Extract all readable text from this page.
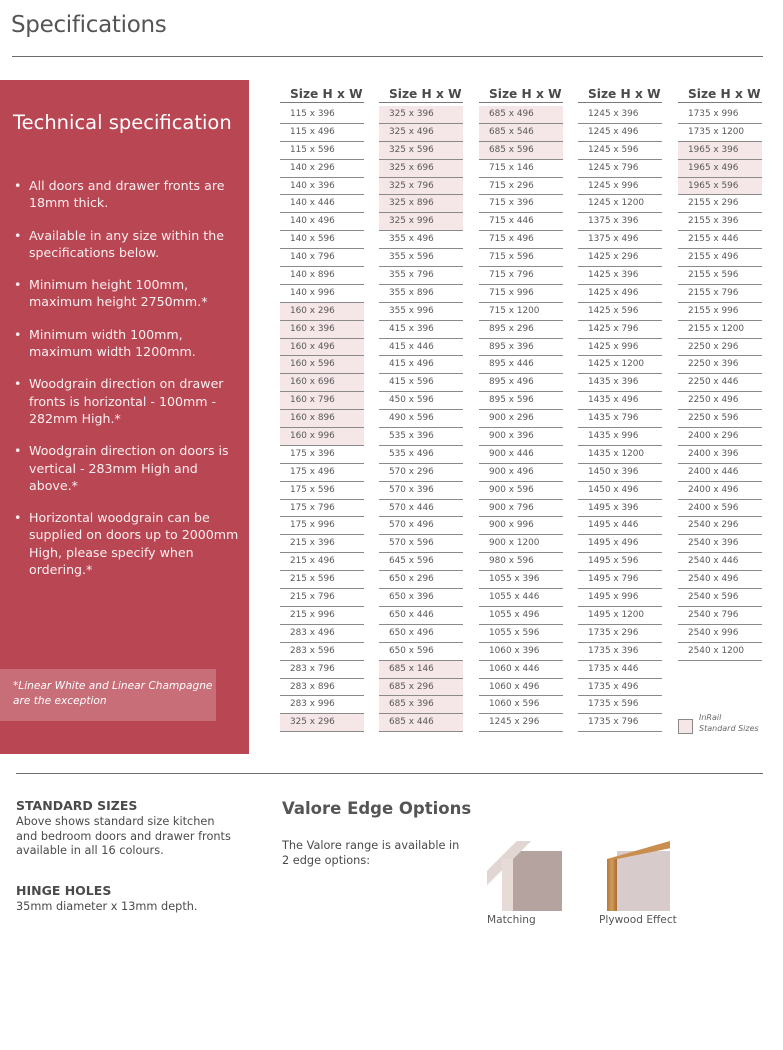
Specifications
Technical specification
• All doors and drawer fronts are 18mm thick.
• Available in any size within the specifications below.
• Minimum height 100mm, maximum height 2750mm.*
• Minimum width 100mm, maximum width 1200mm.
• Woodgrain direction on drawer fronts is horizontal - 100mm - 282mm High.*
• Woodgrain direction on doors is vertical - 283mm High and above.*
• Horizontal woodgrain can be supplied on doors up to 2000mm High, please specify when ordering.*

*Linear White and Linear Champagne are the exception

Size H x W
115 x 396
115 x 496
115 x 596
140 x 296
140 x 396
140 x 446
140 x 496
140 x 596
140 x 796
140 x 896
140 x 996
160 x 296
160 x 396
160 x 496
160 x 596
160 x 696
160 x 796
160 x 896
160 x 996
175 x 396
175 x 496
175 x 596
175 x 796
175 x 996
215 x 396
215 x 496
215 x 596
215 x 796
215 x 996
283 x 496
283 x 596
283 x 796
283 x 896
283 x 996
325 x 296
Size H x W
325 x 396
325 x 496
325 x 596
325 x 696
325 x 796
325 x 896
325 x 996
355 x 496
355 x 596
355 x 796
355 x 896
355 x 996
415 x 396
415 x 446
415 x 496
415 x 596
450 x 596
490 x 596
535 x 396
535 x 496
570 x 296
570 x 396
570 x 446
570 x 496
570 x 596
645 x 596
650 x 296
650 x 396
650 x 446
650 x 496
650 x 596
685 x 146
685 x 296
685 x 396
685 x 446
Size H x W
685 x 496
685 x 546
685 x 596
715 x 146
715 x 296
715 x 396
715 x 446
715 x 496
715 x 596
715 x 796
715 x 996
715 x 1200
895 x 296
895 x 396
895 x 446
895 x 496
895 x 596
900 x 296
900 x 396
900 x 446
900 x 496
900 x 596
900 x 796
900 x 996
900 x 1200
980 x 596
1055 x 396
1055 x 446
1055 x 496
1055 x 596
1060 x 396
1060 x 446
1060 x 496
1060 x 596
1245 x 296
Size H x W
1245 x 396
1245 x 496
1245 x 596
1245 x 796
1245 x 996
1245 x 1200
1375 x 396
1375 x 496
1425 x 296
1425 x 396
1425 x 496
1425 x 596
1425 x 796
1425 x 996
1425 x 1200
1435 x 396
1435 x 496
1435 x 796
1435 x 996
1435 x 1200
1450 x 396
1450 x 496
1495 x 396
1495 x 446
1495 x 496
1495 x 596
1495 x 796
1495 x 996
1495 x 1200
1735 x 296
1735 x 396
1735 x 446
1735 x 496
1735 x 596
1735 x 796
Size H x W
1735 x 996
1735 x 1200
1965 x 396
1965 x 496
1965 x 596
2155 x 296
2155 x 396
2155 x 446
2155 x 496
2155 x 596
2155 x 796
2155 x 996
2155 x 1200
2250 x 296
2250 x 396
2250 x 446
2250 x 496
2250 x 596
2400 x 296
2400 x 396
2400 x 446
2400 x 496
2400 x 596
2540 x 296
2540 x 396
2540 x 446
2540 x 496
2540 x 596
2540 x 796
2540 x 996
2540 x 1200
InRail
Standard Sizes
STANDARD SIZES

Above shows standard size kitchen and bedroom doors and drawer fronts available in all 16 colours.

HINGE HOLES

35mm diameter x 13mm depth.

Valore Edge Options

The Valore range is available in 2 edge options:

Matching	Plywood Effect
